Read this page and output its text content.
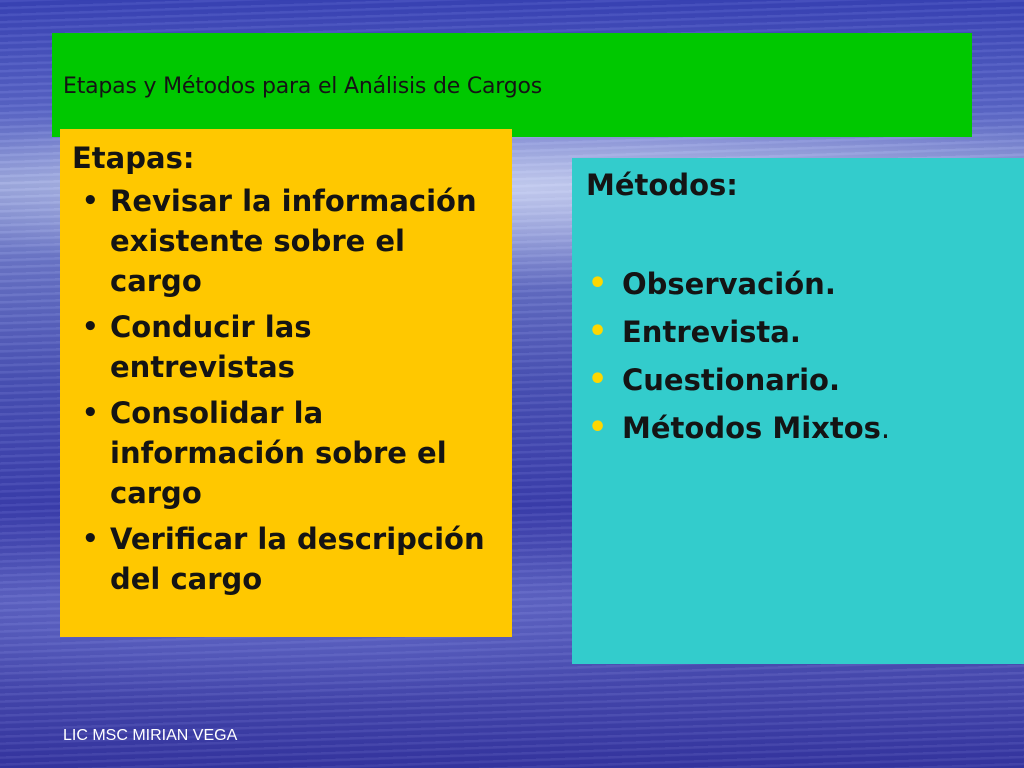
Etapas y Métodos para el Análisis de Cargos
Etapas:
• Revisar la información existente sobre el cargo
• Conducir las entrevistas
• Consolidar la información sobre el cargo
• Verificar la descripción del cargo
Métodos:
• Observación.
• Entrevista.
• Cuestionario.
• Métodos Mixtos.
LIC MSC MIRIAN VEGA
